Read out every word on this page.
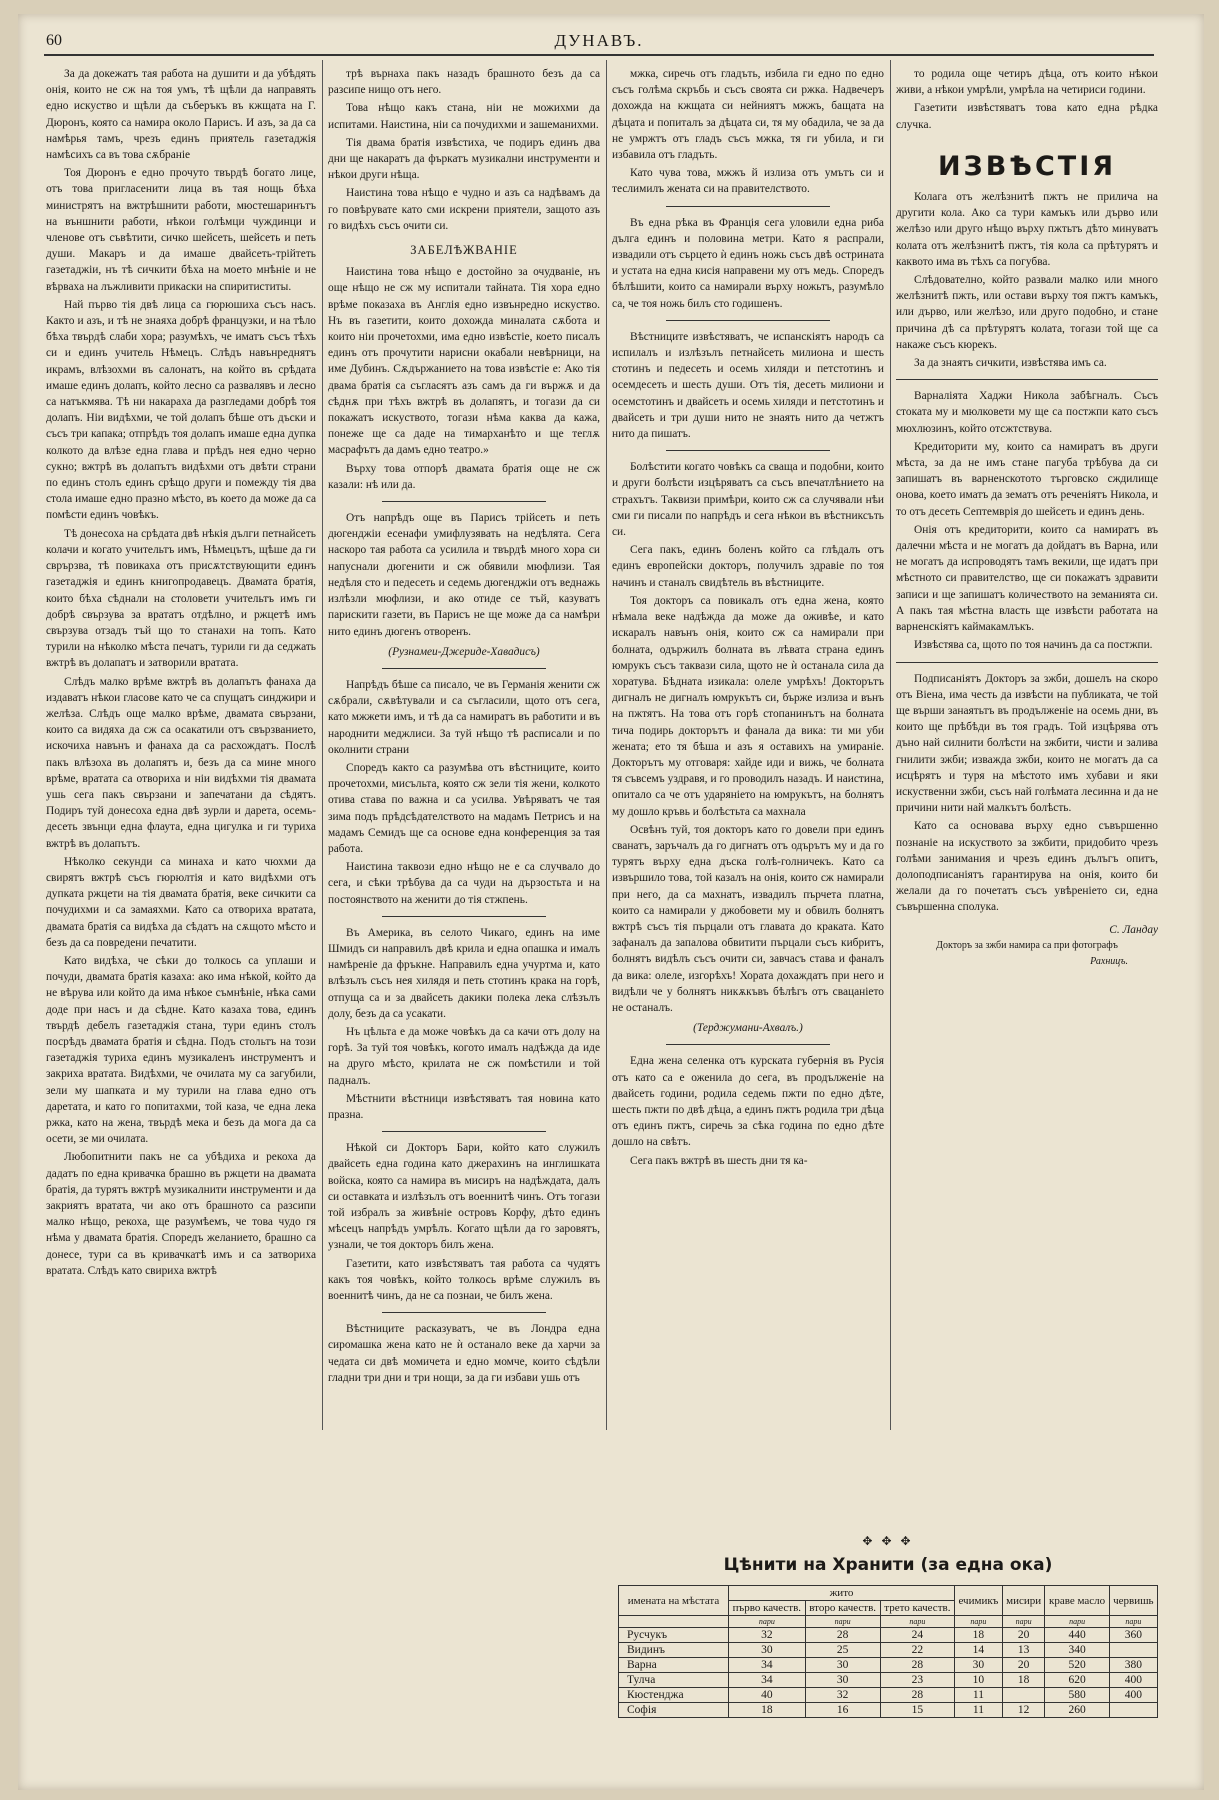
60	ДУНАВЪ.

За да докежатъ тая работа на душити и да убѣдять онія, които не сж на тоя умъ, тѣ щѣли да направять едно искуство и щѣли да съберъкъ въ кжщата на Г. Дюронъ, която са намира около Парисъ. И азъ, за да са намѣрья тамъ, чрезъ единъ приятель газетаджія намѣсихъ са въ това сѫбраніе

Тоя Дюронъ е едно прочуто твърдѣ богато лице, отъ това пригласенити лица въ тая нощь бѣха министрятъ на вжтрѣшнити работи, мюстешаринътъ на външнити работи, нѣкои голѣмци чуждинци и членове отъ съвѣтити, сичко шейсеть, шейсеть и петь души. Макаръ и да имаше двайсеть-трійтеть газетаджіи, нъ тѣ сичкити бѣха на моето мнѣніе и не вѣрваха на лъжливити прикаски на спиритиститы.

Най първо тія двѣ лица са гюрюшиха съсъ насъ. Както и азъ, и тѣ не знаяха добрѣ французки, и на тѣло бѣха твърдѣ слаби хора; разумѣхъ, че иматъ съсъ тѣхъ си и единъ учитель Нѣмецъ. Слѣдъ навънреднятъ икрамъ, влѣзохми въ салонатъ, на който въ срѣдата имаше единъ долапъ, който лесно са развалявъ и лесно са натъкмява. Тѣ ни накараха да разгледами добрѣ тоя долапъ. Ніи видѣхми, че той долапъ бѣше отъ дъски и съсъ три капака; отпрѣдъ тоя долапъ имаше една дупка колкото да влѣзе една глава и прѣдъ нея едно черно сукно; вжтрѣ въ долапътъ видѣхми отъ двѣти страни по единъ столъ единъ срѣщо други и помежду тія два стола имаше едно празно мѣсто, въ което да може да са помѣсти единъ човѣкъ.

Тѣ донесоха на срѣдата двѣ нѣкія дълги петнайсеть колачи и когато учительтъ имъ, Нѣмецътъ, щѣше да ги сврързва, тѣ повикаха отъ присѫтствующити единъ газетаджія и единъ книгопродавецъ. Двамата братія, които бѣха сѣднали на столовети учительтъ имъ ги добрѣ свързува за врататъ отдѣлно, и ржцетѣ имъ свързува отзадъ тъй що то станахи на топъ. Като турили на нѣколко мѣста печатъ, турили ги да седжать вжтрѣ въ долапатъ и затворили вратата.

Слѣдъ малко врѣме вжтрѣ въ долапътъ фанаха да издаватъ нѣкои гласове като че са спущатъ синджири и желѣза. Слѣдъ още малко врѣме, двамата свързани, които са видяха да сж са осакатили отъ свързванието, искочиха навънъ и фанаха да са расхождатъ. Послѣ пакъ влѣзоха въ долапятъ и, безъ да са мине много врѣме, вратата са отвориха и ніи видѣхми тія двамата ушь сега пакъ свързани и запечатани да сѣдятъ. Подиръ туй донесоха една двѣ зурли и дарета, осемь-десеть звънци една флаута, една цигулка и ги туриха вжтрѣ въ долапътъ.

Нѣколко секунди са минаха и като чюхми да свирятъ вжтрѣ съсъ гюрюлтія и като видѣхми отъ дупката ржцети на тія двамата братія, веке сичкити са почудихми и са замаяхми. Като са отвориха вратата, двамата братія са видѣха да сѣдатъ на сѫщото мѣсто и безъ да са повредени печатити.

Като видѣха, че сѣки до толкось са уплаши и почуди, двамата братія казаха: ако има нѣкой, който да не вѣрува или който да има нѣкое съмнѣніе, нѣка сами доде при насъ и да сѣдне. Като казаха това, единъ твърдѣ дебелъ газетаджія стана, тури единъ столъ посрѣдъ двамата братія и сѣдна. Подъ стольтъ на този газетаджія туриха единъ музикаленъ инструментъ и закриха вратата. Видѣхми, че очилата му са загубили, зели му шапката и му турили на глава едно отъ даретата, и като го попитахми, той каза, че една лека ржка, като на жена, твърдѣ мека и безъ да мога да са осети, зе ми очилата.

Любопитнити пакъ не са убѣдиха и рекоха да дадатъ по една кривачка брашно въ ржцети на двамата братія, да турятъ вжтрѣ музикалнити инструменти и да закриятъ вратата, чи ако отъ брашното са разсипи малко нѣщо, рекоха, ще разумѣемъ, че това чудо гя нѣма у двамата братія. Споредъ желанието, брашно са донесе, тури са въ кривачкатѣ имъ и са затвориха вратата. Слѣдъ като свириха вжтрѣ

трѣ върнаха пакъ назадъ брашното безъ да са разсипе нищо отъ него.

Това нѣщо какъ стана, ніи не можихми да испитами. Наистина, ніи са почудихми и зашеманихми.

Тія двама братія извѣстиха, че подиръ единъ два дни ще накаратъ да фъркатъ музикални инструменти и нѣкои други нѣща.

Наистина това нѣщо е чудно и азъ са надѣвамъ да го повѣрувате като сми искрени приятели, защото азъ го видѣхъ съсъ очити си.

ЗАБЕЛѢЖВАНІЕ

Наистина това нѣщо е достойно за очудваніе, нъ още нѣщо не сж му испитали тайната. Тія хора едно врѣме показаха въ Англія едно извънредно искуство. Нъ въ газетити, които дохожда миналата сѫбота и които ніи прочетохми, има едно извѣстіе, което писалъ единъ отъ прочутити нарисни окабали невѣрници, на име Дубинъ. Сѫдържанието на това извѣстіе е: Ако тія двама братія са съгласятъ азъ самъ да ги вържѫ и да сѣднѫ при тѣхъ вжтрѣ въ долапятъ, и тогази да си покажатъ искуството, тогази нѣма каква да кажа, понеже ще са даде на тимарханѣто и ще теглѫ масрафътъ да дамъ едно театро.»

Върху това отпорѣ двамата братія още не сж казали: нѣ или да.

Отъ напрѣдъ още въ Парисъ трійсеть и петь дюгенджіи есенафи умифлузявать на недѣлята. Сега наскоро тая работа са усилила и твърдѣ много хора си напуснали дюгенити и сж обявили мюфлизи. Тая недѣля сто и педесеть и седемь дюгенджіи отъ веднажь излѣзли мюфлизи, и ако отиде се тъй, казуватъ парискити газети, въ Парисъ не ще може да са намѣри нито единъ дюгенъ отворенъ.

(Рузнамеи-Джериде-Хавадисъ)

Напрѣдъ бѣше са писало, че въ Германія женити сж сѫбрали, сѫвѣтували и са съгласили, щото отъ сега, като мжжети имъ, и тѣ да са намиратъ въ работити и въ народнити меджлиси. За туй нѣщо тѣ расписали и по околнити страни

Споредъ както са разумѣва отъ вѣстниците, които прочетохми, мисъльта, която сж зели тія жени, колкото отива става по важна и са усилва. Увѣряватъ че тая зима подъ прѣдсѣдателството на мадамъ Петрисъ и на мадамъ Семидъ ще са основе една конференция за тая работа.

Наистина таквози едно нѣщо не е са случвало до сега, и сѣки трѣбува да са чуди на дързостьта и на постоянството на женити до тія стжпень.

Въ Америка, въ селото Чикаго, единъ на име Шмидъ си направилъ двѣ крила и една опашка и ималъ намѣреніе да фръкне. Направилъ една учуртма и, като влѣзълъ съсъ нея хилядя и петь стотинъ крака на горѣ, отпуща са и за двайсеть дакики полека лека слѣзълъ долу, безъ да са усакати.

Нъ цѣльта е да може човѣкъ да са качи отъ долу на горѣ. За туй тоя човѣкъ, когото ималъ надѣжда да иде на друго мѣсто, крилата не сж помѣстили и той падналъ.

Мѣстнити вѣстници извѣстяватъ тая новина като празна.

Нѣкой си Докторъ Бари, който като служилъ двайсеть една година като джерахинъ на инглишката войска, която са намира въ мисиръ на надѣждата, далъ си оставката и излѣзълъ отъ военнитѣ чинъ. Отъ тогази той избралъ за живѣніе островъ Корфу, дѣто единъ мѣсецъ напрѣдъ умрѣлъ. Когато щѣли да го заровятъ, узнали, че тоя докторъ билъ жена.

Газетити, като извѣстяватъ тая работа са чудятъ какъ тоя човѣкъ, който толкось врѣме служилъ въ военнитѣ чинъ, да не са познаи, че билъ жена.

Вѣстниците расказуватъ, че въ Лондра една сиромашка жена като не ѝ останало веке да харчи за чедата си двѣ момичета и едно момче, които сѣдѣли гладни три дни и три нощи, за да ги избави ушь отъ

мжка, сиречь отъ гладъть, избила ги едно по едно съсъ голѣма скръбь и съсъ своята си ржка. Надвечеръ дохожда на кжщата си нейниятъ мжжъ, бащата на дѣцата и попиталъ за дѣцата си, тя му обадила, че за да не умржтъ отъ гладъ съсъ мжка, тя ги убила, и ги избавила отъ гладъть.

Като чува това, мжжъ й излиза отъ умътъ си и теслимилъ жената си на правителството.

Въ една рѣка въ Франція сега уловили една риба дълга единъ и половина метри. Като я распрали, извадили отъ сърцето ѝ единъ ножь съсъ двѣ острината и устата на една кисія направени му отъ медь. Споредъ бѣлѣшити, които са намирали върху ножьтъ, разумѣло са, че тоя ножь билъ сто годишенъ.

Вѣстниците извѣстяватъ, че испанскіятъ народъ са испилалъ и излѣзълъ петнайсеть милиона и шесть стотинъ и педесеть и осемь хиляди и петстотинъ и осемдесеть и шесть души. Отъ тія, десеть милиони и осемстотинъ и двайсеть и осемь хиляди и петстотинъ и двайсеть и три души нито не знаять нито да четжтъ нито да пишатъ.

Болѣстити когато човѣкъ са сваща и подобни, които и други болѣсти изцѣряватъ са съсъ впечатлѣнието на страхътъ. Таквизи примѣри, които сж са случявали нѣи сми ги писали по напрѣдъ и сега нѣкои въ вѣстниксъть си.

Сега пакъ, единъ боленъ който са глѣдалъ отъ единъ европейски докторъ, получилъ здравіе по тоя начинъ и станалъ свидѣтель въ вѣстниците.

Тоя докторъ са повикалъ отъ една жена, която нѣмала веке надѣжда да може да оживѣе, и като искаралъ навънъ онія, които сж са намирали при болната, одържилъ болната въ лѣвата страна единъ юмрукъ съсъ таквази сила, щото не ѝ останала сила да хоратува. Бѣдната изикала: олеле умрѣхъ! Докторътъ дигналъ не дигналъ юмрукътъ си, бърже излиза и вънъ на пжтятъ. На това отъ горѣ стопанинътъ на болната тича подирь докторътъ и фанала да вика: ти ми уби жената; ето тя бѣша и азъ я оставихъ на умираніе. Докторътъ му отговаря: хайде иди и вижь, че болната тя съвсемъ уздравя, и го проводилъ назадъ. И наистина, опитало са че отъ ударяніето на юмрукътъ, на болнятъ му дошло кръвь и болѣстьта са махнала

Освѣнъ туй, тоя докторъ като го довели при единъ сванатъ, заръчалъ да го дигнатъ отъ одърътъ му и да го турятъ върху една дъска голѣ-голничекъ. Като са извършило това, той казалъ на онія, които сж намирали при него, да са махнатъ, извадилъ пърчета платна, които са намирали у джобовети му и обвилъ болнятъ вжтрѣ съсъ тія пърцали отъ главата до краката. Като зафаналъ да запалова обвитити пърцали съсъ кибритъ, болнятъ видѣлъ съсъ очити си, завчасъ става и фаналъ да вика: олеле, изгорѣхъ! Хората дохаждатъ при него и видѣли че у болнятъ никѫкъвъ бѣлѣгъ отъ свацаніето не останалъ.

(Терджумани-Ахвалъ.)

Една жена селенка отъ курската губернія въ Русія отъ като са е оженила до сега, въ продълженіе на двайсеть години, родила седемь пжти по едно дѣте, шесть пжти по двѣ дѣца, а единъ пжтъ родила три дѣца отъ единъ пжтъ, сиречь за сѣка година по едно дѣте дошло на свѣтъ.

Сега пакъ вжтрѣ въ шесть дни тя ка-

то родила още четиръ дѣца, отъ които нѣкои живи, а нѣкои умрѣли, умрѣла на четириси години.

Газетити извѣстяватъ това като една рѣдка случка.

ИЗВѢСТІЯ

Колага отъ желѣзнитѣ пжтъ не прилича на другити кола. Ако са тури камъкъ или дърво или желѣзо или друго нѣщо върху пжтьтъ дѣто минуватъ колата отъ желѣзнитѣ пжтъ, тія кола са прѣтурятъ и каквото има въ тѣхъ са погубва.

Слѣдователно, който развали малко или много желѣзнитѣ пжть, или остави върху тоя пжтъ камъкъ, или дърво, или желѣзо, или друго подобно, и стане причина дѣ са прѣтурятъ колата, тогази той ще са накаже съсъ кюрекъ.

За да знаятъ сичкити, извѣстява имъ са.

Варналіята Хаджи Никола забѣгналъ. Съсъ стоката му и мюлковети му ще са постжпи като съсъ мюхлюзинъ, който отсжтствува.

Кредиторити му, които са намиратъ въ други мѣста, за да не имъ стане пагуба трѣбува да си запишатъ въ варненскотото търговско сждилище онова, което иматъ да зематъ отъ реченіятъ Никола, и то отъ десеть Септемврія до шейсеть и единъ день.

Онія отъ кредиторити, които са намиратъ въ далечни мѣста и не могатъ да дойдатъ въ Варна, или не могатъ да испроводятъ тамъ векили, ще идатъ при мѣстното си правителство, ще си покажатъ здравити записи и ще запишатъ количеството на земанията си. А пакъ тая мѣстна власть ще извѣсти работата на варненскіятъ каймакамлъкъ.

Извѣстява са, щото по тоя начинъ да са постжпи.

Подписаніятъ Докторъ за зжби, дошелъ на скоро отъ Віена, има честь да извѣсти на публиката, че той ще върши занаятьтъ въ продълженіе на осемь дни, въ които ще прѣбѣди въ тоя градъ. Той изцѣрява отъ дъно най силнити болѣсти на зжбити, чисти и залива гнилити зжби; изважда зжби, които не могатъ да са исцѣрятъ и туря на мѣстото имъ хубави и яки искуственни зжби, съсъ най голѣмата лесинна и да не причини нити най малкътъ болѣсть.

Като са основава върху едно съвършенно познаніе на искуството за зжбити, придобито чрезъ голѣми занимания и чрезъ единъ дълъгъ опитъ, долоподписаніятъ гарантирува на онія, които би желали да го почетатъ съсъ увѣреніето си, една съвършенна сполука.

С. Ландау
Докторъ за зжби намира са при фотографъ
Рахницъ.
✥ ✥ ✥
Цѣнити на Хранити (за една ока)
имената на мѣстата	жито			ечимикъ	мисири	краве масло	червишь
	първо качеств.	второ качеств.	трето качеств.				
	пари	пари	пари	пари	пари	пари	пари
Русчукъ	32	28	24	18	20	440	360
Видинъ	30	25	22	14	13	340	
Варна	34	30	28	30	20	520	380
Тулча	34	30	23	10	18	620	400
Кюстенджа	40	32	28	11		580	400
Софія	18	16	15	11	12	260	
